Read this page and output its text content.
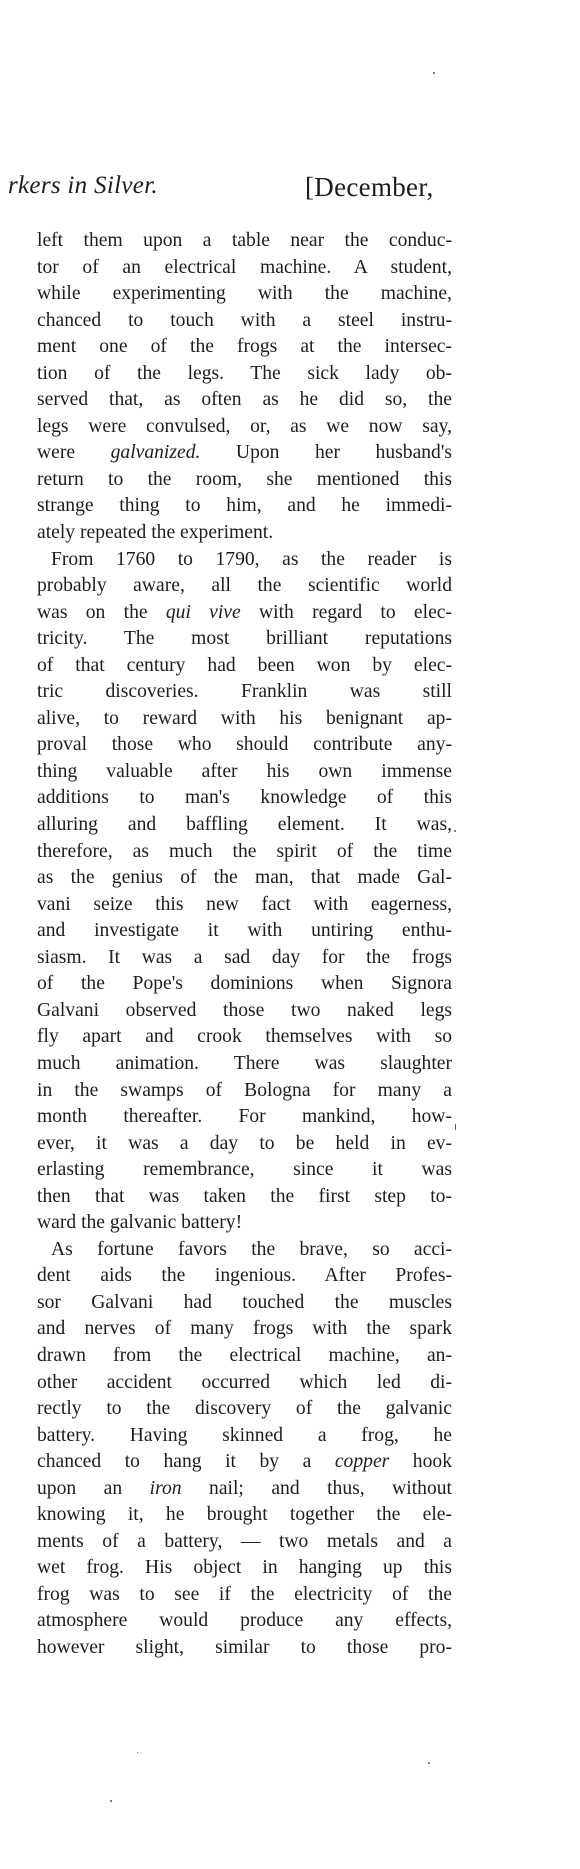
rkers in Silver.	[December,
left them upon a table near the conduc-
tor of an electrical machine. A student,
while experimenting with the machine,
chanced to touch with a steel instru-
ment one of the frogs at the intersec-
tion of the legs. The sick lady ob-
served that, as often as he did so, the
legs were convulsed, or, as we now say,
were galvanized. Upon her husband's
return to the room, she mentioned this
strange thing to him, and he immedi-
ately repeated the experiment.
From 1760 to 1790, as the reader is
probably aware, all the scientific world
was on the qui vive with regard to elec-
tricity. The most brilliant reputations
of that century had been won by elec-
tric discoveries. Franklin was still
alive, to reward with his benignant ap-
proval those who should contribute any-
thing valuable after his own immense
additions to man's knowledge of this
alluring and baffling element. It was,
therefore, as much the spirit of the time
as the genius of the man, that made Gal-
vani seize this new fact with eagerness,
and investigate it with untiring enthu-
siasm. It was a sad day for the frogs
of the Pope's dominions when Signora
Galvani observed those two naked legs
fly apart and crook themselves with so
much animation. There was slaughter
in the swamps of Bologna for many a
month thereafter. For mankind, how-
ever, it was a day to be held in ev-
erlasting remembrance, since it was
then that was taken the first step to-
ward the galvanic battery!
As fortune favors the brave, so acci-
dent aids the ingenious. After Profes-
sor Galvani had touched the muscles
and nerves of many frogs with the spark
drawn from the electrical machine, an-
other accident occurred which led di-
rectly to the discovery of the galvanic
battery. Having skinned a frog, he
chanced to hang it by a copper hook
upon an iron nail; and thus, without
knowing it, he brought together the ele-
ments of a battery, — two metals and a
wet frog. His object in hanging up this
frog was to see if the electricity of the
atmosphere would produce any effects,
however slight, similar to those pro-
